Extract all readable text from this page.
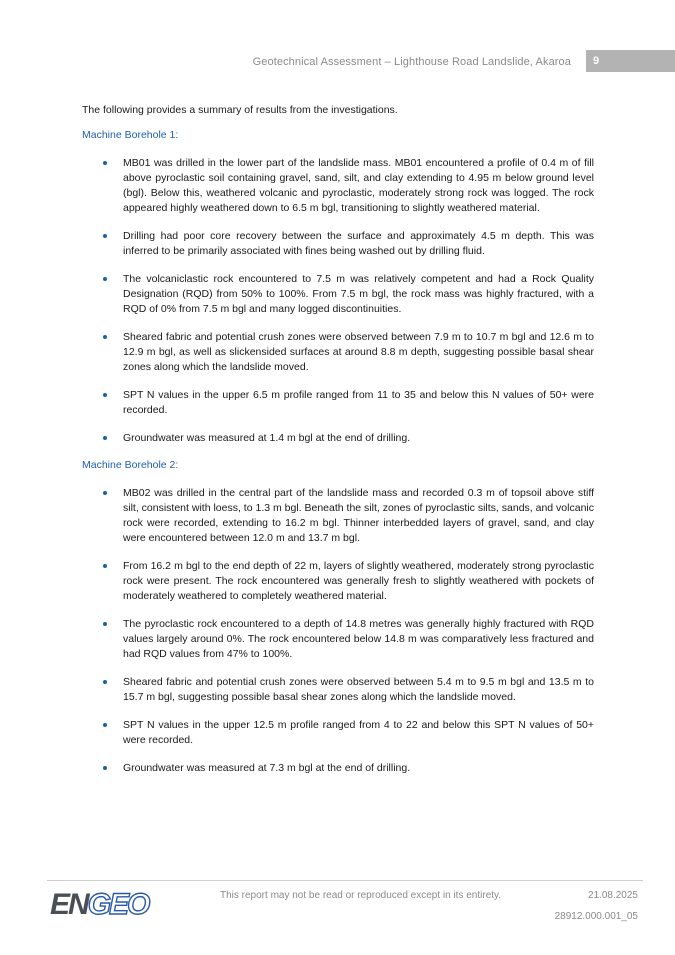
Geotechnical Assessment – Lighthouse Road Landslide, Akaroa	9

The following provides a summary of results from the investigations.

Machine Borehole 1:
MB01 was drilled in the lower part of the landslide mass. MB01 encountered a profile of 0.4 m of fill above pyroclastic soil containing gravel, sand, silt, and clay extending to 4.95 m below ground level (bgl). Below this, weathered volcanic and pyroclastic, moderately strong rock was logged. The rock appeared highly weathered down to 6.5 m bgl, transitioning to slightly weathered material.
Drilling had poor core recovery between the surface and approximately 4.5 m depth. This was inferred to be primarily associated with fines being washed out by drilling fluid.
The volcaniclastic rock encountered to 7.5 m was relatively competent and had a Rock Quality Designation (RQD) from 50% to 100%. From 7.5 m bgl, the rock mass was highly fractured, with a RQD of 0% from 7.5 m bgl and many logged discontinuities.
Sheared fabric and potential crush zones were observed between 7.9 m to 10.7 m bgl and 12.6 m to 12.9 m bgl, as well as slickensided surfaces at around 8.8 m depth, suggesting possible basal shear zones along which the landslide moved.
SPT N values in the upper 6.5 m profile ranged from 11 to 35 and below this N values of 50+ were recorded.
Groundwater was measured at 1.4 m bgl at the end of drilling.
Machine Borehole 2:
MB02 was drilled in the central part of the landslide mass and recorded 0.3 m of topsoil above stiff silt, consistent with loess, to 1.3 m bgl. Beneath the silt, zones of pyroclastic silts, sands, and volcanic rock were recorded, extending to 16.2 m bgl. Thinner interbedded layers of gravel, sand, and clay were encountered between 12.0 m and 13.7 m bgl.
From 16.2 m bgl to the end depth of 22 m, layers of slightly weathered, moderately strong pyroclastic rock were present. The rock encountered was generally fresh to slightly weathered with pockets of moderately weathered to completely weathered material.
The pyroclastic rock encountered to a depth of 14.8 metres was generally highly fractured with RQD values largely around 0%. The rock encountered below 14.8 m was comparatively less fractured and had RQD values from 47% to 100%.
Sheared fabric and potential crush zones were observed between 5.4 m to 9.5 m bgl and 13.5 m to 15.7 m bgl, suggesting possible basal shear zones along which the landslide moved.
SPT N values in the upper 12.5 m profile ranged from 4 to 22 and below this SPT N values of 50+ were recorded.
Groundwater was measured at 7.3 m bgl at the end of drilling.
ENGEO	This report may not be read or reproduced except in its entirety.	21.08.2025
28912.000.001_05
